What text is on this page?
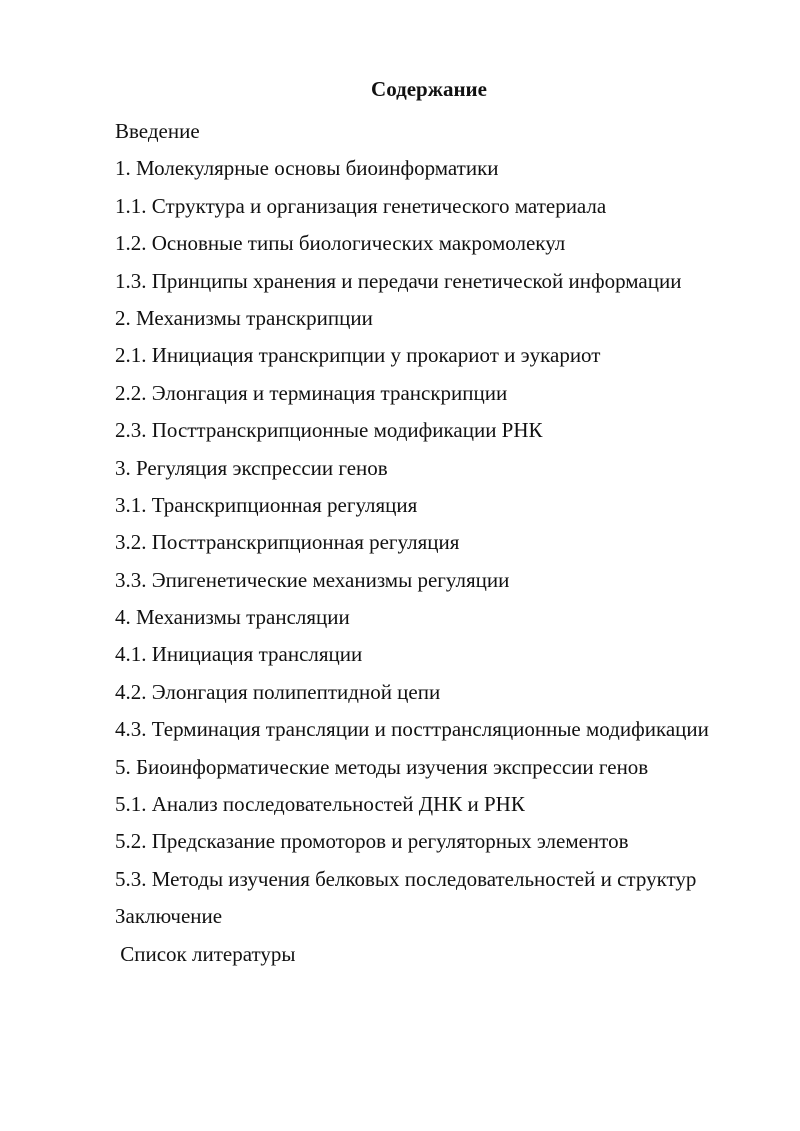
Содержание
Введение
1. Молекулярные основы биоинформатики
1.1. Структура и организация генетического материала
1.2. Основные типы биологических макромолекул
1.3. Принципы хранения и передачи генетической информации
2. Механизмы транскрипции
2.1. Инициация транскрипции у прокариот и эукариот
2.2. Элонгация и терминация транскрипции
2.3. Посттранскрипционные модификации РНК
3. Регуляция экспрессии генов
3.1. Транскрипционная регуляция
3.2. Посттранскрипционная регуляция
3.3. Эпигенетические механизмы регуляции
4. Механизмы трансляции
4.1. Инициация трансляции
4.2. Элонгация полипептидной цепи
4.3. Терминация трансляции и посттрансляционные модификации
5. Биоинформатические методы изучения экспрессии генов
5.1. Анализ последовательностей ДНК и РНК
5.2. Предсказание промоторов и регуляторных элементов
5.3. Методы изучения белковых последовательностей и структур
Заключение
Список литературы
